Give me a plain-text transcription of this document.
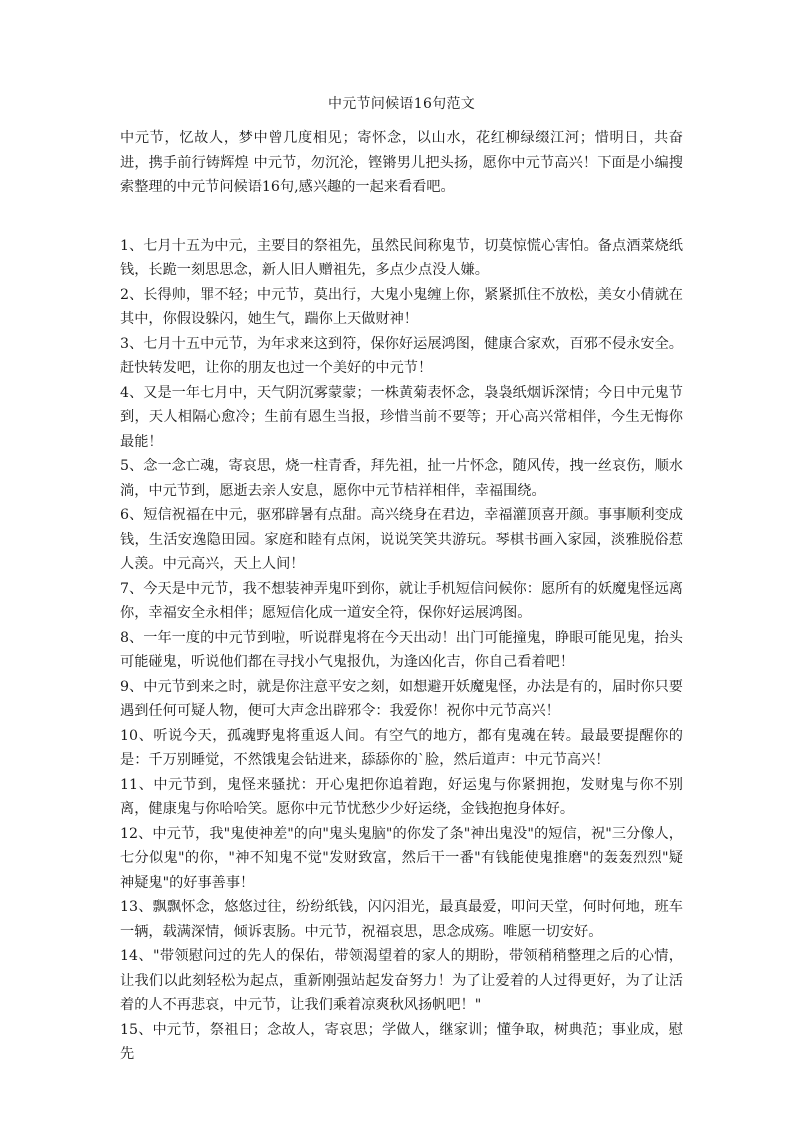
中元节问候语16句范文

中元节，忆故人，梦中曾几度相见；寄怀念，以山水，花红柳绿缀江河；惜明日，共奋进，携手前行铸辉煌 中元节，勿沉沦，铿锵男儿把头扬，愿你中元节高兴！下面是小编搜索整理的中元节问候语16句,感兴趣的一起来看看吧。

1、七月十五为中元，主要目的祭祖先，虽然民间称鬼节，切莫惊慌心害怕。备点酒菜烧纸钱，长跪一刻思思念，新人旧人赠祖先，多点少点没人嫌。
2、长得帅，罪不轻；中元节，莫出行，大鬼小鬼缠上你，紧紧抓住不放松，美女小倩就在其中，你假设躲闪，她生气，踹你上天做财神！
3、七月十五中元节，为年求来这到符，保你好运展鸿图，健康合家欢，百邪不侵永安全。赶快转发吧，让你的朋友也过一个美好的中元节！
4、又是一年七月中，天气阴沉雾蒙蒙；一株黄菊表怀念，袅袅纸烟诉深情；今日中元鬼节到，天人相隔心愈冷；生前有恩生当报，珍惜当前不要等；开心高兴常相伴，今生无悔你最能！
5、念一念亡魂，寄哀思，烧一柱青香，拜先祖，扯一片怀念，随风传，拽一丝哀伤，顺水淌，中元节到，愿逝去亲人安息，愿你中元节桔祥相伴，幸福围绕。
6、短信祝福在中元，驱邪辟暑有点甜。高兴绕身在君边，幸福灌顶喜开颜。事事顺利变成钱，生活安逸隐田园。家庭和睦有点闲，说说笑笑共游玩。琴棋书画入家园，淡雅脱俗惹人羡。中元高兴，天上人间！
7、今天是中元节，我不想装神弄鬼吓到你，就让手机短信问候你：愿所有的妖魔鬼怪远离你，幸福安全永相伴；愿短信化成一道安全符，保你好运展鸿图。
8、一年一度的中元节到啦，听说群鬼将在今天出动！出门可能撞鬼，睁眼可能见鬼，抬头可能碰鬼，听说他们都在寻找小气鬼报仇，为逢凶化吉，你自己看着吧！
9、中元节到来之时，就是你注意平安之刻，如想避开妖魔鬼怪，办法是有的，届时你只要遇到任何可疑人物，便可大声念出辟邪令：我爱你！祝你中元节高兴！
10、听说今天，孤魂野鬼将重返人间。有空气的地方，都有鬼魂在转。最最要提醒你的是：千万别睡觉，不然饿鬼会钻进来，舔舔你的`脸，然后道声：中元节高兴！
11、中元节到，鬼怪来骚扰：开心鬼把你追着跑，好运鬼与你紧拥抱，发财鬼与你不别离，健康鬼与你哈哈笑。愿你中元节忧愁少少好运绕，金钱抱抱身体好。
12、中元节，我"鬼使神差"的向"鬼头鬼脑"的你发了条"神出鬼没"的短信，祝"三分像人，七分似鬼"的你，"神不知鬼不觉"发财致富，然后干一番"有钱能使鬼推磨"的轰轰烈烈"疑神疑鬼"的好事善事！
13、飘飘怀念，悠悠过往，纷纷纸钱，闪闪泪光，最真最爱，叩问天堂，何时何地，班车一辆，载满深情，倾诉衷肠。中元节，祝福哀思，思念成殇。唯愿一切安好。
14、"带领慰问过的先人的保佑，带领渴望着的家人的期盼，带领稍稍整理之后的心情，让我们以此刻轻松为起点，重新刚强站起发奋努力！为了让爱着的人过得更好，为了让活着的人不再悲哀，中元节，让我们乘着凉爽秋风扬帆吧！"
15、中元节，祭祖日；念故人，寄哀思；学做人，继家训；懂争取，树典范；事业成，慰先
